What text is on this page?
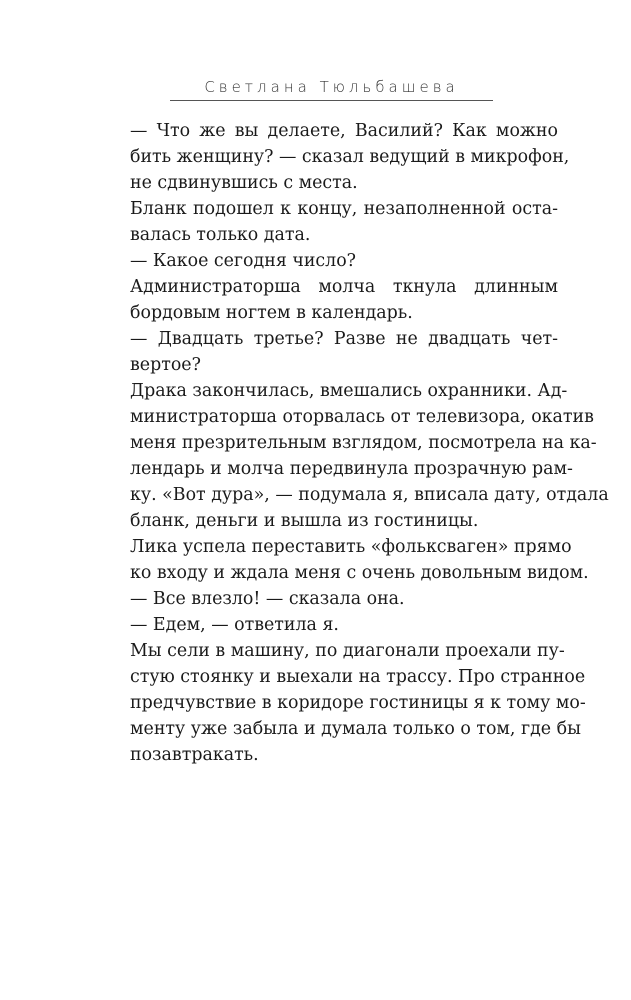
Светлана Тюльбашева
— Что же вы делаете, Василий? Как можно
бить женщину? — сказал ведущий в микрофон,
не сдвинувшись с места.
Бланк подошел к концу, незаполненной оста-
валась только дата.
— Какое сегодня число?
Администраторша молча ткнула длинным
бордовым ногтем в календарь.
— Двадцать третье? Разве не двадцать чет-
вертое?
Драка закончилась, вмешались охранники. Ад-
министраторша оторвалась от телевизора, окатив
меня презрительным взглядом, посмотрела на ка-
лендарь и молча передвинула прозрачную рам-
ку. «Вот дура», — подумала я, вписала дату, отдала
бланк, деньги и вышла из гостиницы.
Лика успела переставить «фольксваген» прямо
ко входу и ждала меня с очень довольным видом.
— Все влезло! — сказала она.
— Едем, — ответила я.
Мы сели в машину, по диагонали проехали пу-
стую стоянку и выехали на трассу. Про странное
предчувствие в коридоре гостиницы я к тому мо-
менту уже забыла и думала только о том, где бы
позавтракать.
